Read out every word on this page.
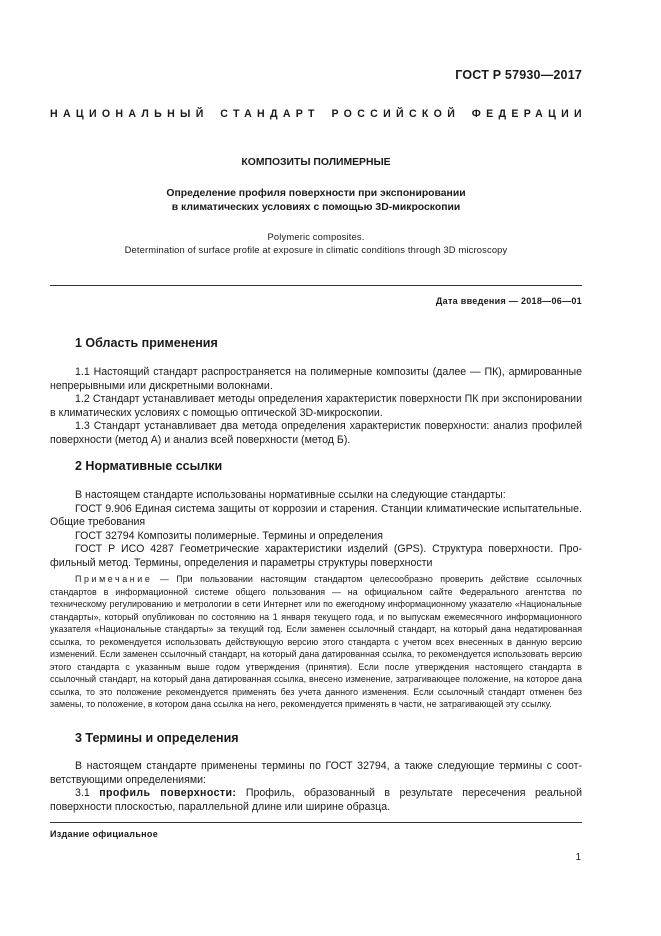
ГОСТ Р 57930—2017
НАЦИОНАЛЬНЫЙ СТАНДАРТ РОССИЙСКОЙ ФЕДЕРАЦИИ
КОМПОЗИТЫ ПОЛИМЕРНЫЕ
Определение профиля поверхности при экспонировании
в климатических условиях с помощью 3D-микроскопии
Polymeric composites.
Determination of surface profile at exposure in climatic conditions through 3D microscopy
Дата введения — 2018—06—01
1 Область применения

1.1 Настоящий стандарт распространяется на полимерные композиты (далее — ПК), армированные непрерывными или дискретными волокнами.

1.2 Стандарт устанавливает методы определения характеристик поверхности ПК при экспонировании в климатических условиях с помощью оптической 3D-микроскопии.

1.3 Стандарт устанавливает два метода определения характеристик поверхности: анализ профилей поверхности (метод А) и анализ всей поверхности (метод Б).

2 Нормативные ссылки

В настоящем стандарте использованы нормативные ссылки на следующие стандарты:

ГОСТ 9.906 Единая система защиты от коррозии и старения. Станции климатические испытательные. Общие требования

ГОСТ 32794 Композиты полимерные. Термины и определения

ГОСТ Р ИСО 4287 Геометрические характеристики изделий (GPS). Структура поверхности. Профильный метод. Термины, определения и параметры структуры поверхности

Примечание — При пользовании настоящим стандартом целесообразно проверить действие ссылочных стандартов в информационной системе общего пользования — на официальном сайте Федерального агентства по техническому регулированию и метрологии в сети Интернет или по ежегодному информационному указателю «Национальные стандарты», который опубликован по состоянию на 1 января текущего года, и по выпускам ежемесячного информационного указателя «Национальные стандарты» за текущий год. Если заменен ссылочный стандарт, на который дана недатированная ссылка, то рекомендуется использовать действующую версию этого стандарта с учетом всех внесенных в данную версию изменений. Если заменен ссылочный стандарт, на который дана датированная ссылка, то рекомендуется использовать версию этого стандарта с указанным выше годом утверждения (принятия). Если после утверждения настоящего стандарта в ссылочный стандарт, на который дана датированная ссылка, внесено изменение, затрагивающее положение, на которое дана ссылка, то это положение рекомендуется применять без учета данного изменения. Если ссылочный стандарт отменен без замены, то положение, в котором дана ссылка на него, рекомендуется применять в части, не затрагивающей эту ссылку.

3 Термины и определения

В настоящем стандарте применены термины по ГОСТ 32794, а также следующие термины с соответствующими определениями:

3.1 профиль поверхности: Профиль, образованный в результате пересечения реальной поверхности плоскостью, параллельной длине или ширине образца.

Издание официальное
1
